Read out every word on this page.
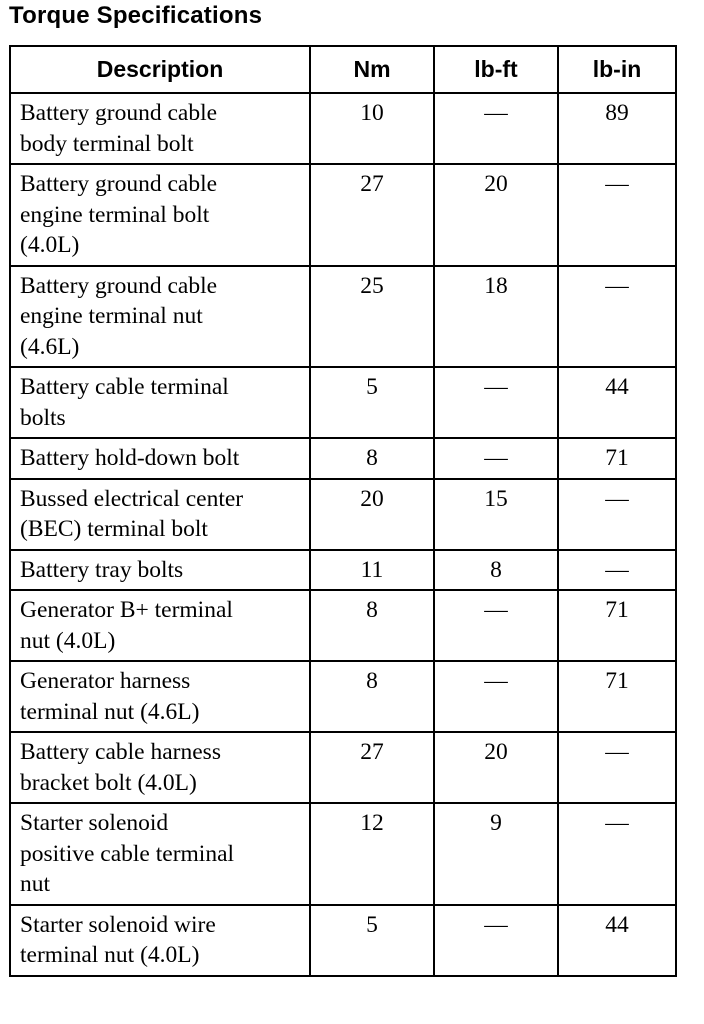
Torque Specifications
Description	Nm	lb-ft	lb-in
Battery ground cable
body terminal bolt	10	—	89
Battery ground cable
engine terminal bolt
(4.0L)	27	20	—
Battery ground cable
engine terminal nut
(4.6L)	25	18	—
Battery cable terminal
bolts	5	—	44
Battery hold-down bolt	8	—	71
Bussed electrical center
(BEC) terminal bolt	20	15	—
Battery tray bolts	11	8	—
Generator B+ terminal
nut (4.0L)	8	—	71
Generator harness
terminal nut (4.6L)	8	—	71
Battery cable harness
bracket bolt (4.0L)	27	20	—
Starter solenoid
positive cable terminal
nut	12	9	—
Starter solenoid wire
terminal nut (4.0L)	5	—	44
